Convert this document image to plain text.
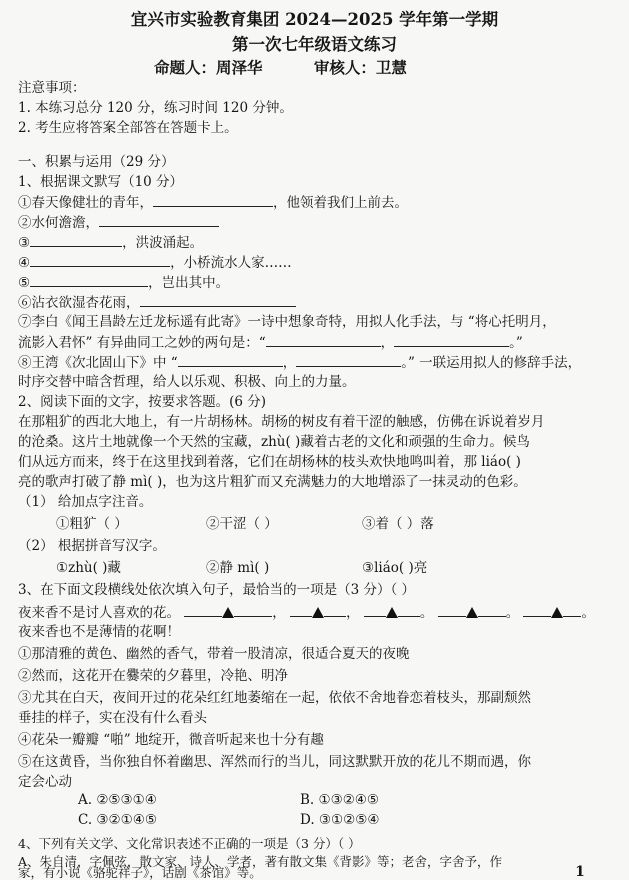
宜兴市实验教育集团 2024—2025 学年第一学期
第一次七年级语文练习
命题人：周泽华	审核人：卫慧
注意事项：
1. 本练习总分 120 分，练习时间 120 分钟。
2. 考生应将答案全部答在答题卡上。
一、积累与运用（29 分）
1、根据课文默写（10 分）
①春天像健壮的青年，	，他领着我们上前去。
②水何澹澹，
③	，洪波涌起。
④	，小桥流水人家……
⑤	，岂出其中。
⑥沾衣欲湿杏花雨，
⑦李白《闻王昌龄左迁龙标遥有此寄》一诗中想象奇特，用拟人化手法，与 “将心托明月，
流影入君怀” 有异曲同工之妙的两句是：“	，	。”
⑧王湾《次北固山下》中 “	，	。” 一联运用拟人的修辞手法，
时序交替中暗含哲理，给人以乐观、积极、向上的力量。
2、阅读下面的文字，按要求答题。(6 分)
在那粗犷的西北大地上，有一片胡杨林。胡杨的树皮有着干涩的触感，仿佛在诉说着岁月
的沧桑。这片土地就像一个天然的宝藏，zhù( )藏着古老的文化和顽强的生命力。候鸟
们从远方而来，终于在这里找到着落，它们在胡杨林的枝头欢快地鸣叫着，那 liáo( )
亮的歌声打破了静 mì( )，也为这片粗犷而又充满魅力的大地增添了一抹灵动的色彩。
（1） 给加点字注音。
①粗犷（ ）	②干涩（ ）	③着（ ）落
（2） 根据拼音写汉字。
①zhù( )藏	②静 mì( )	③liáo( )亮
3、在下面文段横线处依次填入句子，最恰当的一项是（3 分）（ ）
夜来香不是讨人喜欢的花。	，	，	。	。	。
夜来香也不是薄情的花啊！
①那清雅的黄色、幽然的香气，带着一股清凉，很适合夏天的夜晚
②然而，这花开在爨荣的夕暮里，冷艳、明净
③尤其在白天，夜间开过的花朵红红地萎缩在一起，依依不舍地眷恋着枝头，那副颓然
垂挂的样子，实在没有什么看头
④花朵一瓣瓣 “啪” 地绽开，微音听起来也十分有趣
⑤在这黄昏，当你独自怀着幽思、浑然而行的当儿，同这默默开放的花儿不期而遇，你
定会心动
A. ②⑤③①④	B. ①③②④⑤
C. ③②①④⑤	D. ③①②⑤④
4、下列有关文学、文化常识表述不正确的一项是（3 分）（ ）
1
A、朱自清，字佩弦，散文家、诗人、学者，著有散文集《背影》等；老舍，字舍予，作
家，有小说《骆驼祥子》，话剧《茶馆》等。
